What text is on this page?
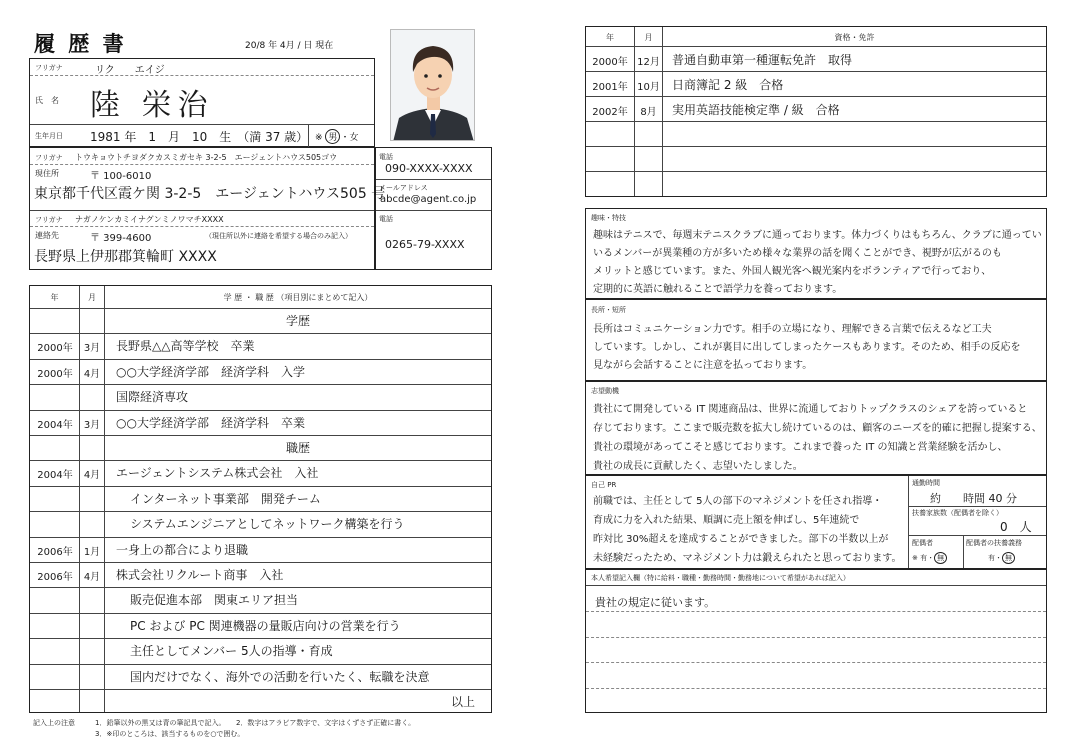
履 歴 書	20/8 年 4月 / 日 現在
フリガナ	リク　　エイジ
氏　名 陸 栄治
生年月日 1981 年　1　月　10　生　（満 37 歳） ※ 男 ・女
フリガナ トウキョウトチヨダクカスミガセキ 3-2-5　エージェントハウス505ゴウ
現住所	〒 100-6010
東京都千代区霞ケ関 3-2-5　エージェントハウス505 号
フリガナ ナガノケンカミイナグンミノワマチXXXX
連絡先	〒 399-4600	（現住所以外に連絡を希望する場合のみ記入）
長野県上伊那郡箕輪町 XXXX
電話
090-XXXX-XXXX
メールアドレス
abcde@agent.co.jp
電話
0265-79-XXXX
年	月	学 歴 ・ 職 歴 （項目別にまとめて記入）
学歴
2000年	3月	長野県△△高等学校　卒業
2000年	4月	○○大学経済学部　経済学科　入学
国際経済専攻
2004年	3月	○○大学経済学部　経済学科　卒業
職歴
2004年	4月	エージェントシステム株式会社　入社
インターネット事業部　開発チーム
システムエンジニアとしてネットワーク構築を行う
2006年	1月	一身上の都合により退職
2006年	4月	株式会社リクルート商事　入社
販売促進本部　関東エリア担当
PC および PC 関連機器の量販店向けの営業を行う
主任としてメンバー 5人の指導・育成
国内だけでなく、海外での活動を行いたく、転職を決意
以上
記入上の注意	1．鉛筆以外の黒又は青の筆記具で記入。　　2．数字はアラビア数字で、文字はくずさず正確に書く。
3．※印のところは、該当するものを○で囲む。
年	月	資格・免許
2000年 12月 普通自動車第一種運転免許　取得
2001年 10月 日商簿記 2 級　合格
2002年	8月	実用英語技能検定準 / 級　合格
趣味・特技
趣味はテニスで、毎週末テニスクラブに通っております。体力づくりはもちろん、クラブに通ってい
いるメンバーが異業種の方が多いため様々な業界の話を聞くことができ、視野が広がるのも
メリットと感じています。また、外国人観光客へ観光案内をボランティアで行っており、
定期的に英語に触れることで語学力を養っております。
長所・短所
長所はコミュニケーション力です。相手の立場になり、理解できる言葉で伝えるなど工夫
しています。しかし、これが裏目に出してしまったケースもあります。そのため、相手の反応を
見ながら会話することに注意を払っております。
志望動機
貴社にて開発している IT 関連商品は、世界に流通しておりトップクラスのシェアを誇っていると
存じております。ここまで販売数を拡大し続けているのは、顧客のニーズを的確に把握し提案する、
貴社の環境があってこそと感じております。これまで養った IT の知識と営業経験を活かし、
貴社の成長に貢献したく、志望いたしました。
自己 PR
前職では、主任として 5人の部下のマネジメントを任され指導・
育成に力を入れた結果、順調に売上額を伸ばし、5年連続で
昨対比 30%超えを達成することができました。部下の半数以上が
未経験だったため、マネジメント力は鍛えられたと思っております。
通勤時間
約　　時間 40 分
扶養家族数（配偶者を除く）
0　人
配偶者
※ 有・ 無
配偶者の扶養義務
有・ 無
本人希望記入欄（特に給料・職種・勤務時間・勤務地について希望があれば記入）
貴社の規定に従います。
